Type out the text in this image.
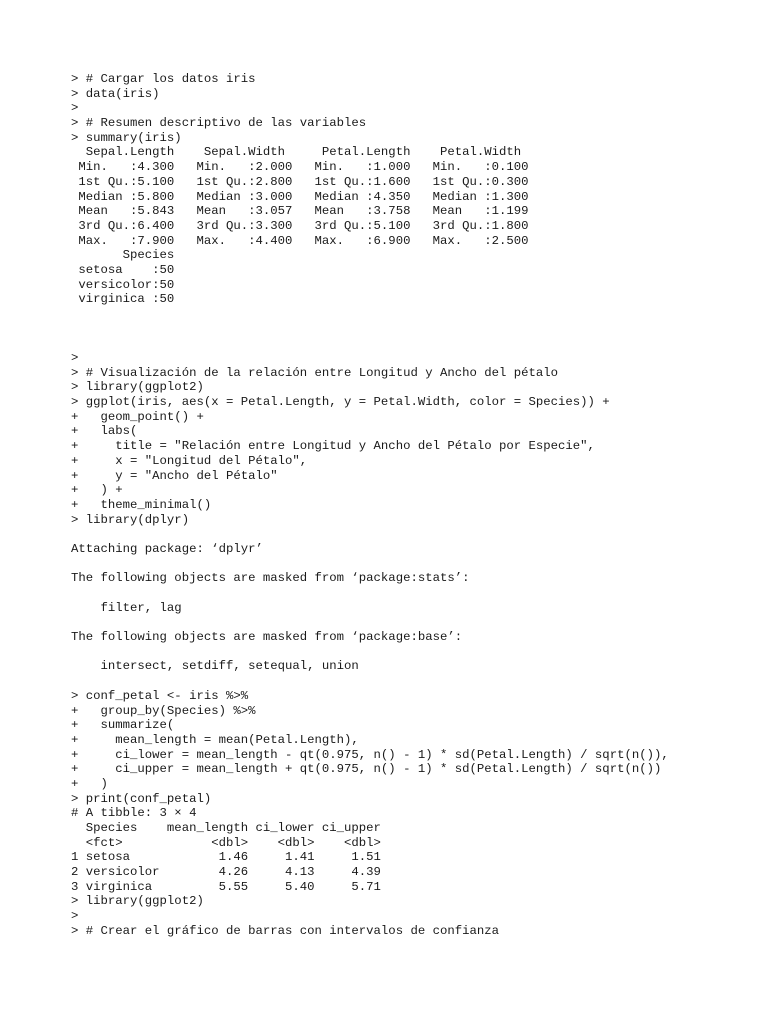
> # Cargar los datos iris
> data(iris)
>
> # Resumen descriptivo de las variables
> summary(iris)
Sepal.Length    Sepal.Width     Petal.Length    Petal.Width
Min.   :4.300   Min.   :2.000   Min.   :1.000   Min.   :0.100
1st Qu.:5.100   1st Qu.:2.800   1st Qu.:1.600   1st Qu.:0.300
Median :5.800   Median :3.000   Median :4.350   Median :1.300
Mean   :5.843   Mean   :3.057   Mean   :3.758   Mean   :1.199
3rd Qu.:6.400   3rd Qu.:3.300   3rd Qu.:5.100   3rd Qu.:1.800
Max.   :7.900   Max.   :4.400   Max.   :6.900   Max.   :2.500
Species
setosa    :50
versicolor:50
virginica :50
>
> # Visualización de la relación entre Longitud y Ancho del pétalo
> library(ggplot2)
> ggplot(iris, aes(x = Petal.Length, y = Petal.Width, color = Species)) +
+   geom_point() +
+   labs(
+     title = "Relación entre Longitud y Ancho del Pétalo por Especie",
+     x = "Longitud del Pétalo",
+     y = "Ancho del Pétalo"
+   ) +
+   theme_minimal()
> library(dplyr)
Attaching package: ‘dplyr’
The following objects are masked from ‘package:stats’:
filter, lag
The following objects are masked from ‘package:base’:
intersect, setdiff, setequal, union
> conf_petal <- iris %>%
+   group_by(Species) %>%
+   summarize(
+     mean_length = mean(Petal.Length),
+     ci_lower = mean_length - qt(0.975, n() - 1) * sd(Petal.Length) / sqrt(n()),
+     ci_upper = mean_length + qt(0.975, n() - 1) * sd(Petal.Length) / sqrt(n())
+   )
> print(conf_petal)
# A tibble: 3 × 4
Species    mean_length ci_lower ci_upper
<fct>            <dbl>    <dbl>    <dbl>
1 setosa            1.46     1.41     1.51
2 versicolor        4.26     4.13     4.39
3 virginica         5.55     5.40     5.71
> library(ggplot2)
>
> # Crear el gráfico de barras con intervalos de confianza
